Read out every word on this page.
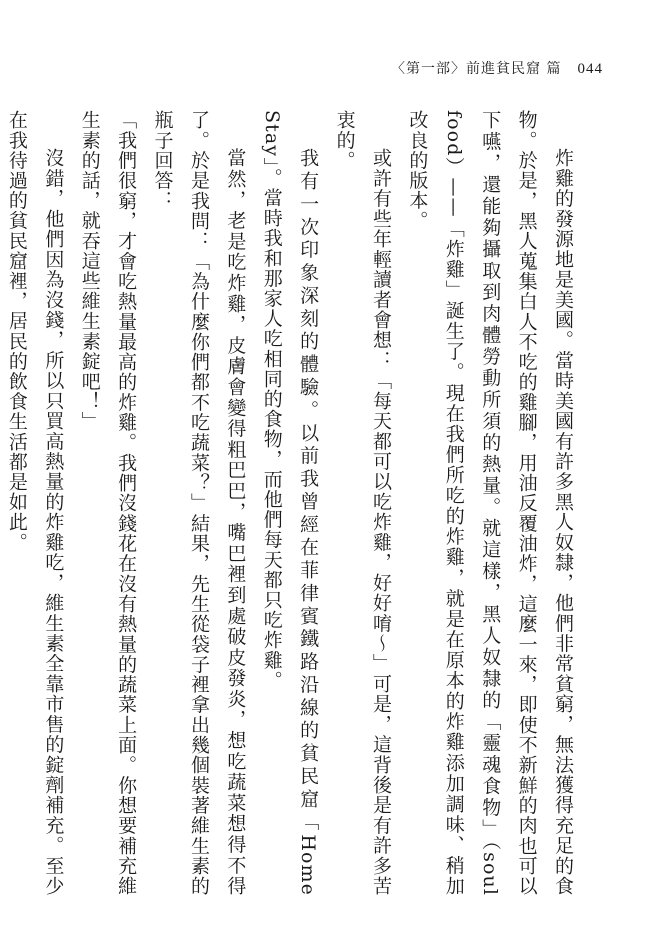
〈第一部〉前進貧民窟 篇 044

炸雞的發源地是美國。當時美國有許多黑人奴隸，他們非常貧窮，無法獲得充足的食物。於是，黑人蒐集白人不吃的雞腳，用油反覆油炸，這麼一來，即使不新鮮的肉也可以下嚥，還能夠攝取到肉體勞動所須的熱量。就這樣，黑人奴隸的「靈魂食物」（soul food）——「炸雞」誕生了。現在我們所吃的炸雞，就是在原本的炸雞添加調味、稍加改良的版本。

或許有些年輕讀者會想：「每天都可以吃炸雞，好好唷～」可是，這背後是有許多苦衷的。

我有一次印象深刻的體驗。以前我曾經在菲律賓鐵路沿線的貧民窟「Home Stay」。當時我和那家人吃相同的食物，而他們每天都只吃炸雞。

當然，老是吃炸雞，皮膚會變得粗巴巴，嘴巴裡到處破皮發炎，想吃蔬菜想得不得了。於是我問：「為什麼你們都不吃蔬菜？」結果，先生從袋子裡拿出幾個裝著維生素的瓶子回答：

「我們很窮，才會吃熱量最高的炸雞。我們沒錢花在沒有熱量的蔬菜上面。你想要補充維生素的話，就吞這些維生素錠吧！」

沒錯，他們因為沒錢，所以只買高熱量的炸雞吃，維生素全靠市售的錠劑補充。至少在我待過的貧民窟裡，居民的飲食生活都是如此。
